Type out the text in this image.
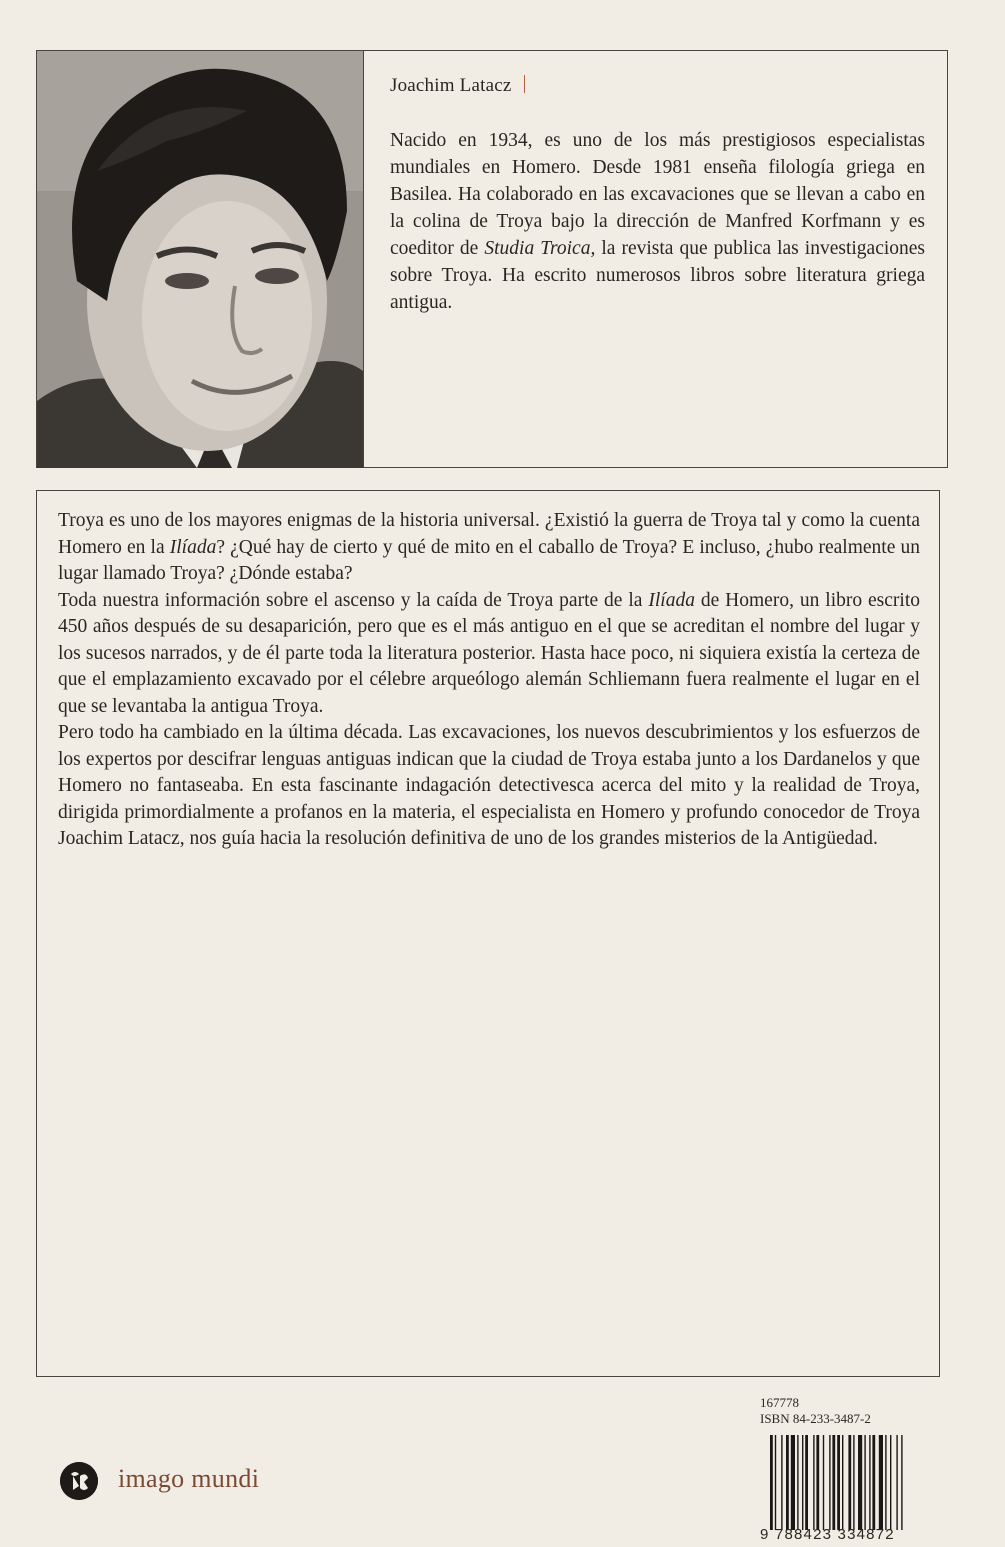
Joachim Latacz

Nacido en 1934, es uno de los más prestigiosos especialistas mundiales en Homero. Desde 1981 enseña filología griega en Basilea. Ha colaborado en las excavaciones que se llevan a cabo en la colina de Troya bajo la dirección de Manfred Korfmann y es coeditor de Studia Troica, la revista que publica las investigaciones sobre Troya. Ha escrito numerosos libros sobre literatura griega antigua.

Troya es uno de los mayores enigmas de la historia universal. ¿Existió la guerra de Troya tal y como la cuenta Homero en la Ilíada? ¿Qué hay de cierto y qué de mito en el caballo de Troya? E incluso, ¿hubo realmente un lugar llamado Troya? ¿Dónde estaba?

Toda nuestra información sobre el ascenso y la caída de Troya parte de la Ilíada de Homero, un libro escrito 450 años después de su desaparición, pero que es el más antiguo en el que se acreditan el nombre del lugar y los sucesos narrados, y de él parte toda la literatura posterior. Hasta hace poco, ni siquiera existía la certeza de que el emplazamiento excavado por el célebre arqueólogo alemán Schliemann fuera realmente el lugar en el que se levantaba la antigua Troya.

Pero todo ha cambiado en la última década. Las excavaciones, los nuevos descubrimientos y los esfuerzos de los expertos por descifrar lenguas antiguas indican que la ciudad de Troya estaba junto a los Dardanelos y que Homero no fantaseaba. En esta fascinante indagación detectivesca acerca del mito y la realidad de Troya, dirigida primordialmente a profanos en la materia, el especialista en Homero y profundo conocedor de Troya Joachim Latacz, nos guía hacia la resolución definitiva de uno de los grandes misterios de la Antigüedad.

imago mundi

167778

ISBN 84-233-3487-2

9 788423 334872
